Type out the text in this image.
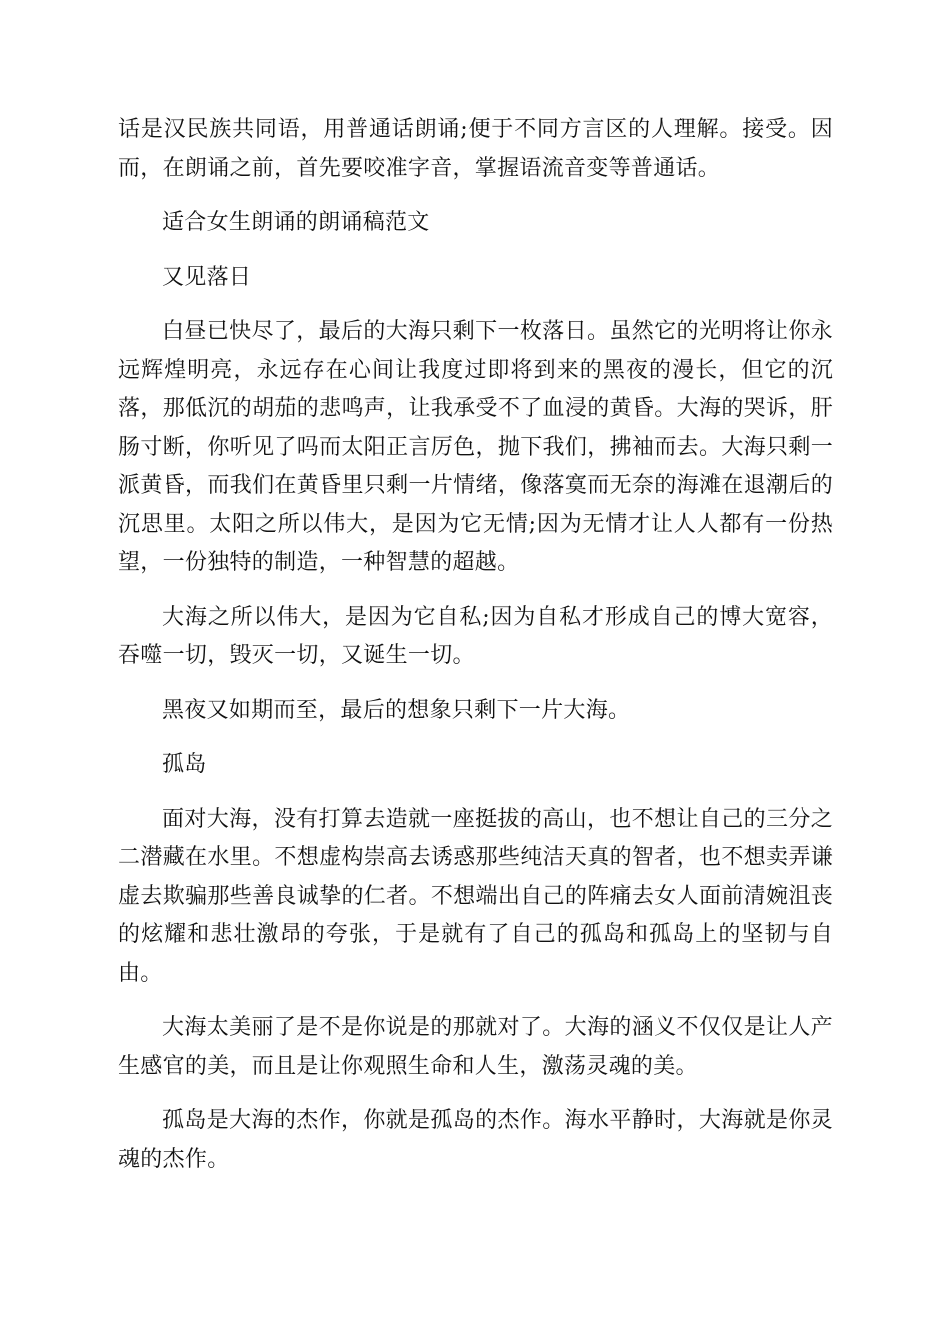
话是汉民族共同语，用普通话朗诵;便于不同方言区的人理解。接受。因而，在朗诵之前，首先要咬准字音，掌握语流音变等普通话。

适合女生朗诵的朗诵稿范文

又见落日

白昼已快尽了，最后的大海只剩下一枚落日。虽然它的光明将让你永远辉煌明亮，永远存在心间让我度过即将到来的黑夜的漫长，但它的沉落，那低沉的胡茄的悲鸣声，让我承受不了血浸的黄昏。大海的哭诉，肝肠寸断，你听见了吗而太阳正言厉色，抛下我们，拂袖而去。大海只剩一派黄昏，而我们在黄昏里只剩一片情绪，像落寞而无奈的海滩在退潮后的沉思里。太阳之所以伟大，是因为它无情;因为无情才让人人都有一份热望，一份独特的制造，一种智慧的超越。

大海之所以伟大，是因为它自私;因为自私才形成自己的博大宽容，吞噬一切，毁灭一切，又诞生一切。

黑夜又如期而至，最后的想象只剩下一片大海。

孤岛

面对大海，没有打算去造就一座挺拔的高山，也不想让自己的三分之二潜藏在水里。不想虚构崇高去诱惑那些纯洁天真的智者，也不想卖弄谦虚去欺骗那些善良诚挚的仁者。不想端出自己的阵痛去女人面前清婉沮丧的炫耀和悲壮激昂的夸张，于是就有了自己的孤岛和孤岛上的坚韧与自由。

大海太美丽了是不是你说是的那就对了。大海的涵义不仅仅是让人产生感官的美，而且是让你观照生命和人生，激荡灵魂的美。

孤岛是大海的杰作，你就是孤岛的杰作。海水平静时，大海就是你灵魂的杰作。
